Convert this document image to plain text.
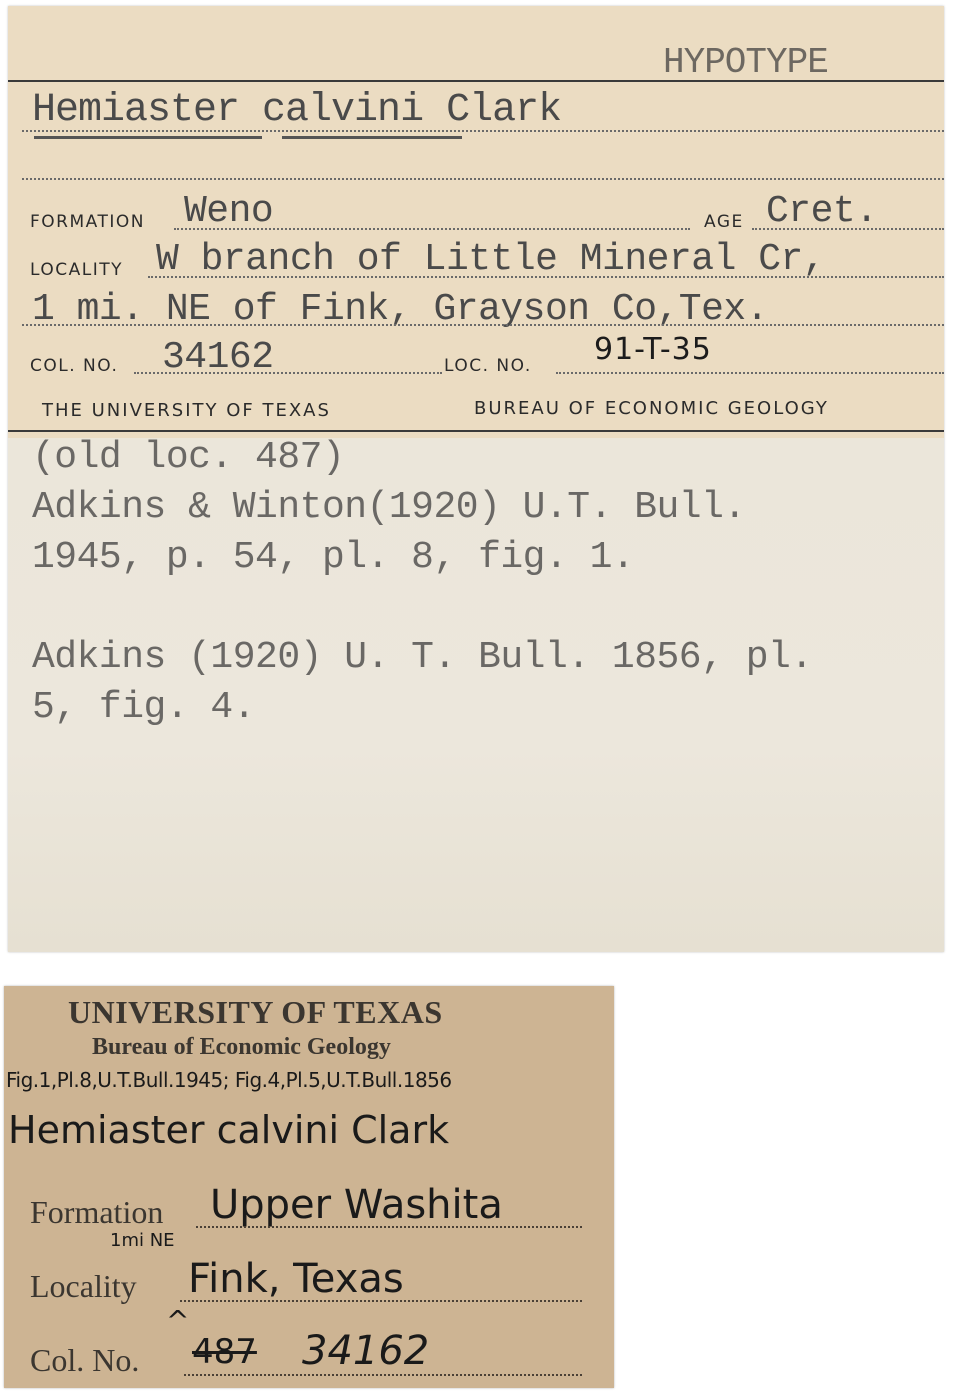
HYPOTYPE
Hemiaster calvini Clark
FORMATION Weno	AGE Cret.
LOCALITY W branch of Little Mineral Cr,
1 mi. NE of Fink, Grayson Co,Tex.
COL. NO. 34162	LOC. NO. 91-T-35
THE UNIVERSITY OF TEXAS	BUREAU OF ECONOMIC GEOLOGY
(old loc. 487)
Adkins & Winton(1920) U.T. Bull.
1945, p. 54, pl. 8, fig. 1.
Adkins (1920) U. T. Bull. 1856, pl.
5, fig. 4.
UNIVERSITY OF TEXAS
Bureau of Economic Geology
Fig.1,Pl.8,U.T.Bull.1945; Fig.4,Pl.5,U.T.Bull.1856
Hemiaster calvini Clark
Formation Upper Washita
1mi NE
Locality Fink, Texas
^
Col. No. 487 34162
